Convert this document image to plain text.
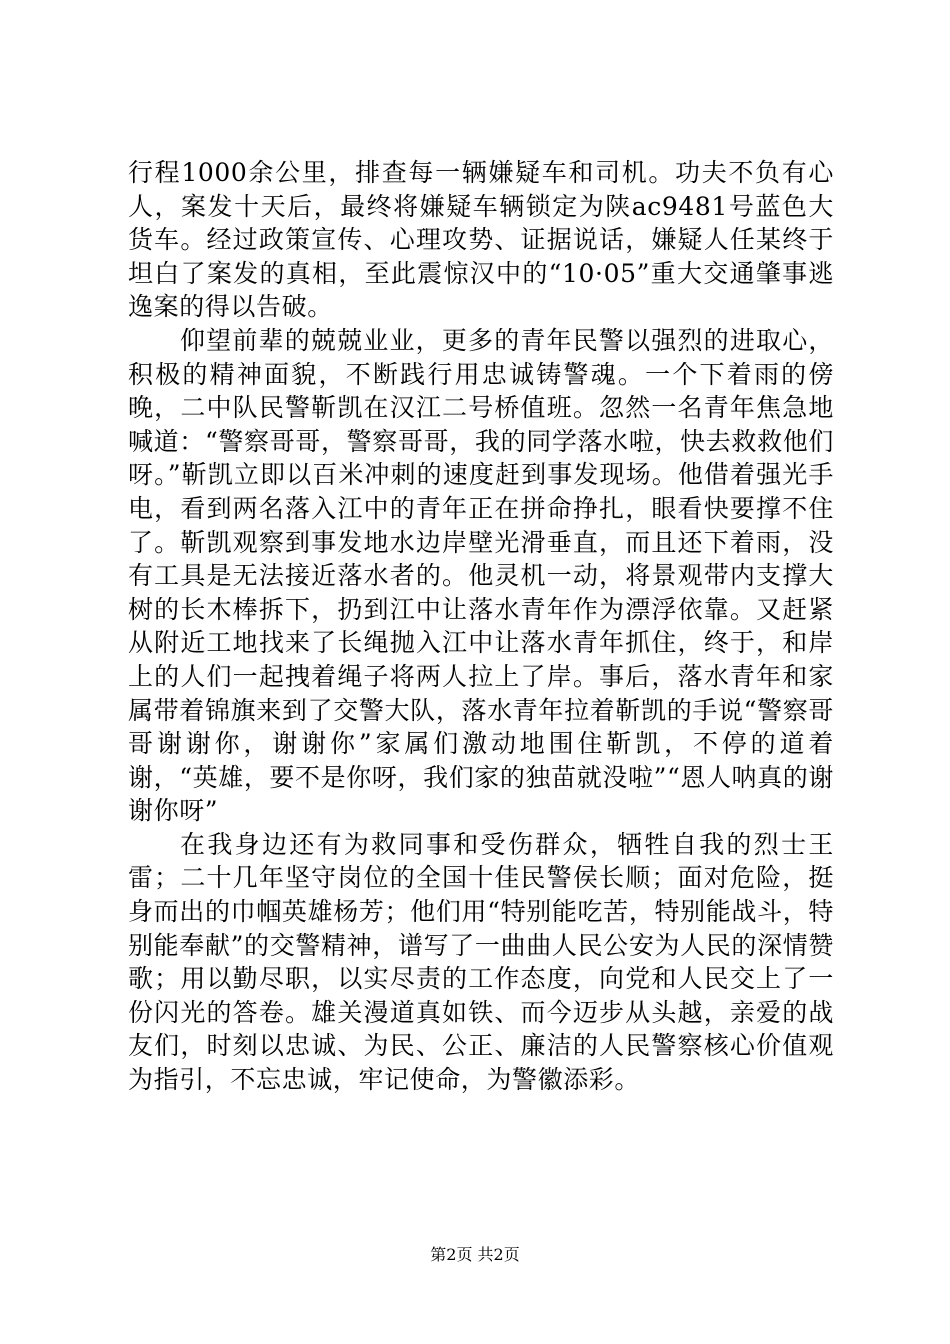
行程1000余公里，排查每一辆嫌疑车和司机。功夫不负有心人，案发十天后，最终将嫌疑车辆锁定为陕ac9481号蓝色大货车。经过政策宣传、心理攻势、证据说话，嫌疑人任某终于坦白了案发的真相，至此震惊汉中的“10·05”重大交通肇事逃逸案的得以告破。

仰望前辈的兢兢业业，更多的青年民警以强烈的进取心，积极的精神面貌，不断践行用忠诚铸警魂。一个下着雨的傍晚，二中队民警靳凯在汉江二号桥值班。忽然一名青年焦急地喊道：“警察哥哥，警察哥哥，我的同学落水啦，快去救救他们呀。”靳凯立即以百米冲刺的速度赶到事发现场。他借着强光手电，看到两名落入江中的青年正在拼命挣扎，眼看快要撑不住了。靳凯观察到事发地水边岸壁光滑垂直，而且还下着雨，没有工具是无法接近落水者的。他灵机一动，将景观带内支撑大树的长木棒拆下，扔到江中让落水青年作为漂浮依靠。又赶紧从附近工地找来了长绳抛入江中让落水青年抓住，终于，和岸上的人们一起拽着绳子将两人拉上了岸。事后，落水青年和家属带着锦旗来到了交警大队，落水青年拉着靳凯的手说“警察哥哥谢谢你，谢谢你”家属们激动地围住靳凯，不停的道着谢，“英雄，要不是你呀，我们家的独苗就没啦”“恩人呐真的谢谢你呀”

在我身边还有为救同事和受伤群众，牺牲自我的烈士王雷；二十几年坚守岗位的全国十佳民警侯长顺；面对危险，挺身而出的巾帼英雄杨芳；他们用“特别能吃苦，特别能战斗，特别能奉献”的交警精神，谱写了一曲曲人民公安为人民的深情赞歌；用以勤尽职，以实尽责的工作态度，向党和人民交上了一份闪光的答卷。雄关漫道真如铁、而今迈步从头越，亲爱的战友们，时刻以忠诚、为民、公正、廉洁的人民警察核心价值观为指引，不忘忠诚，牢记使命，为警徽添彩。

第2页 共2页
